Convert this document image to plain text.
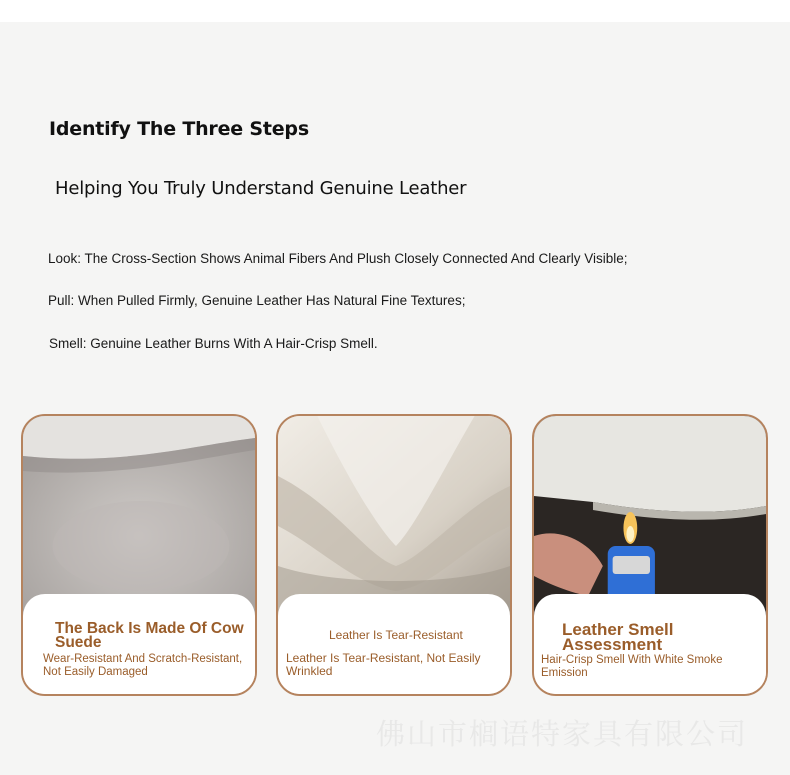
Identify The Three Steps
Helping You Truly Understand Genuine Leather
Look: The Cross-Section Shows Animal Fibers And Plush Closely Connected And Clearly Visible;
Pull: When Pulled Firmly, Genuine Leather Has Natural Fine Textures;
Smell: Genuine Leather Burns With A Hair-Crisp Smell.
The Back Is Made Of Cow Suede
Wear-Resistant And Scratch-Resistant, Not Easily Damaged
Leather Is Tear-Resistant
Leather Is Tear-Resistant, Not Easily Wrinkled
Leather Smell Assessment
Hair-Crisp Smell With White Smoke Emission
佛山市榈语特家具有限公司
